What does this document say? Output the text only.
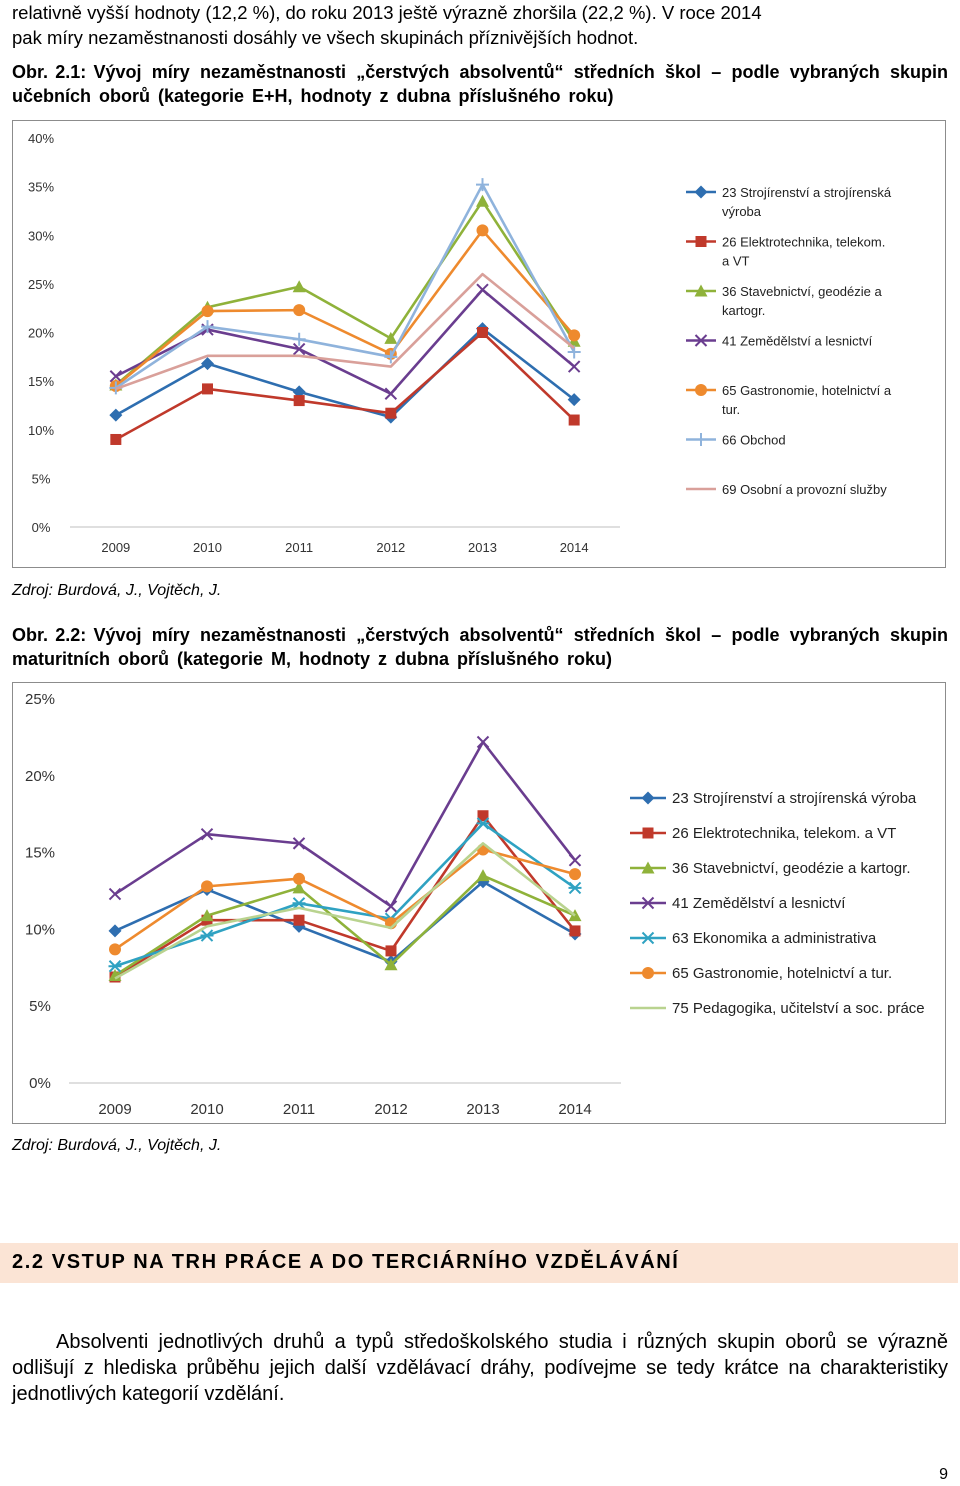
relativně vyšší hodnoty (12,2 %), do roku 2013 ještě výrazně zhoršila (22,2 %). V roce 2014

pak míry nezaměstnanosti dosáhly ve všech skupinách příznivějších hodnot.

Obr. 2.1: Vývoj míry nezaměstnanosti „čerstvých absolventů“ středních škol – podle vybraných skupin učebních oborů (kategorie E+H, hodnoty z dubna příslušného roku)
0%
5%
10%
15%
20%
25%
30%
35%
40%
2009	2010	2011	2012	2013	2014
23 Strojírenství a strojírenská
výroba
26 Elektrotechnika, telekom.
a VT
36 Stavebnictví, geodézie a
kartogr.
41 Zemědělství a lesnictví
65 Gastronomie, hotelnictví a
tur.
66 Obchod
69 Osobní a provozní služby
Zdroj: Burdová, J., Vojtěch, J.
Obr. 2.2: Vývoj míry nezaměstnanosti „čerstvých absolventů“ středních škol – podle vybraných skupin maturitních oborů (kategorie M, hodnoty z dubna příslušného roku)
0%
5%
10%
15%
20%
25%
2009	2010	2011	2012	2013	2014
23 Strojírenství a strojírenská výroba
26 Elektrotechnika, telekom. a VT
36 Stavebnictví, geodézie a kartogr.
41 Zemědělství a lesnictví
63 Ekonomika a administrativa
65 Gastronomie, hotelnictví a tur.
75 Pedagogika, učitelství a soc. práce
Zdroj: Burdová, J., Vojtěch, J.
2.2 VSTUP NA TRH PRÁCE A DO TERCIÁRNÍHO VZDĚLÁVÁNÍ
Absolventi jednotlivých druhů a typů středoškolského studia i různých skupin oborů se výrazně odlišují z hlediska průběhu jejich další vzdělávací dráhy, podívejme se tedy krátce na charakteristiky jednotlivých kategorií vzdělání.
9
